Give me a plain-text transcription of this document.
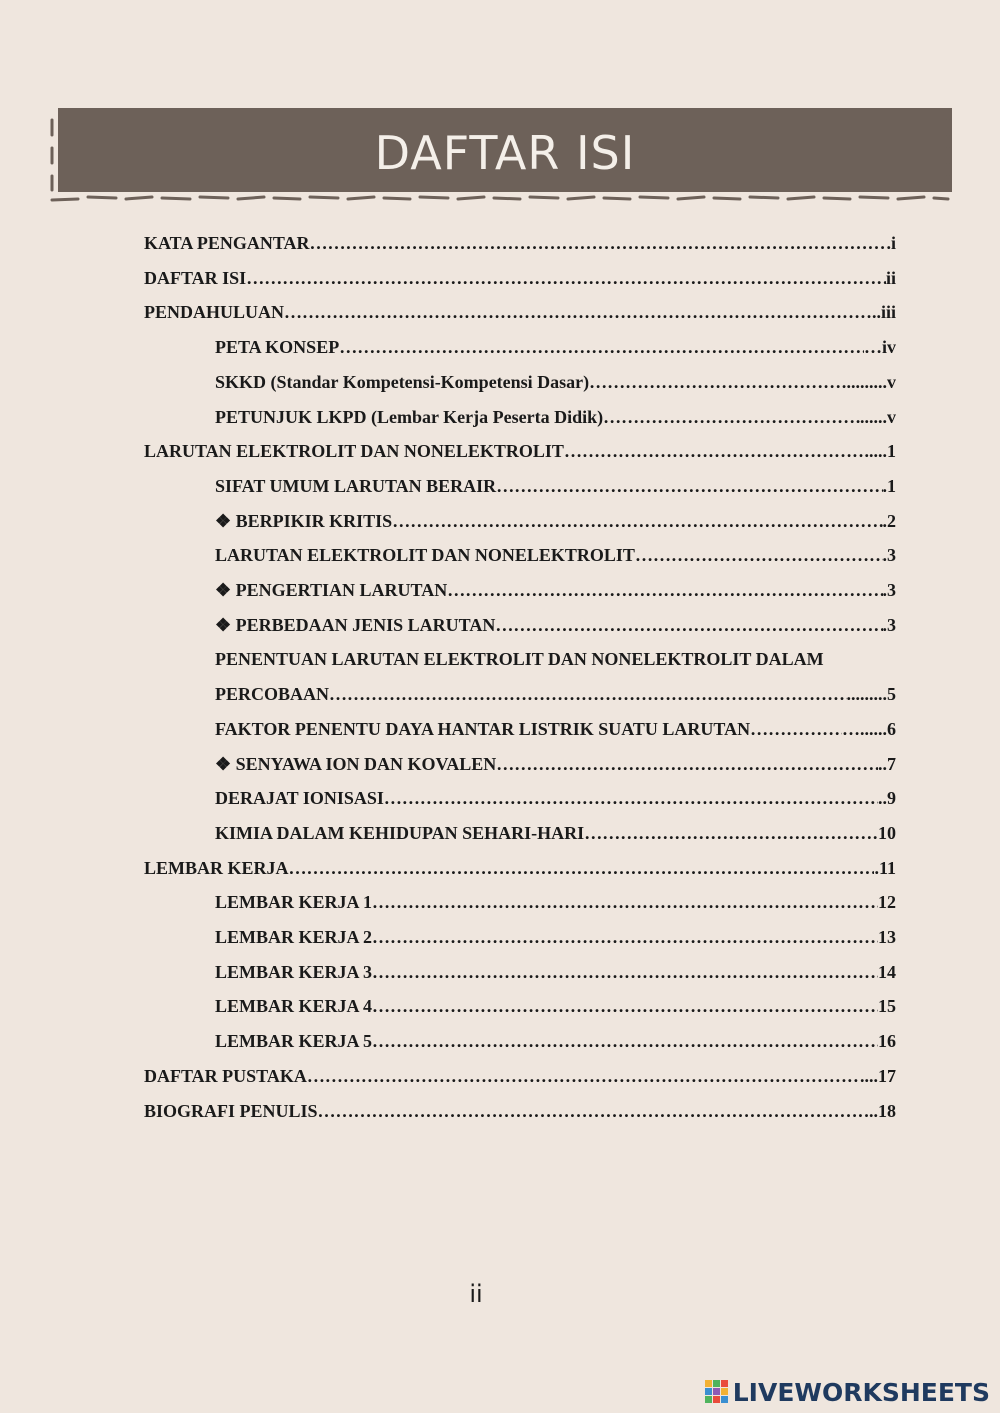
DAFTAR ISI
KATA PENGANTAR ……………………………………………………………………………………………………………………………………………………	.i
DAFTAR ISI ……………………………………………………………………………………………………………………………………………………	ii
PENDAHULUAN ……………………………………………………………………………………………………………………………………………………	..iii
PETA KONSEP ……………………………………………………………………………………………………………………………………………………	…iv
SKKD (Standar Kompetensi-Kompetensi Dasar) ……………………………………………………………………………………………………………………………………………………	.........v
PETUNJUK LKPD (Lembar Kerja Peserta Didik) ……………………………………………………………………………………………………………………………………………………	......v
LARUTAN ELEKTROLIT DAN NONELEKTROLIT ……………………………………………………………………………………………………………………………………………………	.....1
SIFAT UMUM LARUTAN BERAIR ……………………………………………………………………………………………………………………………………………………	.1
❖ BERPIKIR KRITIS ……………………………………………………………………………………………………………………………………………………	.2
LARUTAN ELEKTROLIT DAN NONELEKTROLIT ……………………………………………………………………………………………………………………………………………………	.3
❖ PENGERTIAN LARUTAN ……………………………………………………………………………………………………………………………………………………	.3
❖ PERBEDAAN JENIS LARUTAN ……………………………………………………………………………………………………………………………………………………	.3
PENENTUAN LARUTAN ELEKTROLIT DAN NONELEKTROLIT DALAM
PERCOBAAN ……………………………………………………………………………………………………………………………………………………	.........5
FAKTOR PENENTU DAYA HANTAR LISTRIK SUATU LARUTAN ……………………………………………………………………………………………………………………………………………………	…......6
❖ SENYAWA ION DAN KOVALEN ……………………………………………………………………………………………………………………………………………………	..7
DERAJAT IONISASI ……………………………………………………………………………………………………………………………………………………	..9
KIMIA DALAM KEHIDUPAN SEHARI-HARI ……………………………………………………………………………………………………………………………………………………	10
LEMBAR KERJA ……………………………………………………………………………………………………………………………………………………	.11
LEMBAR KERJA 1 ……………………………………………………………………………………………………………………………………………………	12
LEMBAR KERJA 2 ……………………………………………………………………………………………………………………………………………………	13
LEMBAR KERJA 3 ……………………………………………………………………………………………………………………………………………………	14
LEMBAR KERJA 4 ……………………………………………………………………………………………………………………………………………………	15
LEMBAR KERJA 5 ……………………………………………………………………………………………………………………………………………………	16
DAFTAR PUSTAKA ……………………………………………………………………………………………………………………………………………………	....17
BIOGRAFI PENULIS ……………………………………………………………………………………………………………………………………………………	..18
ii
LIVEWORKSHEETS
